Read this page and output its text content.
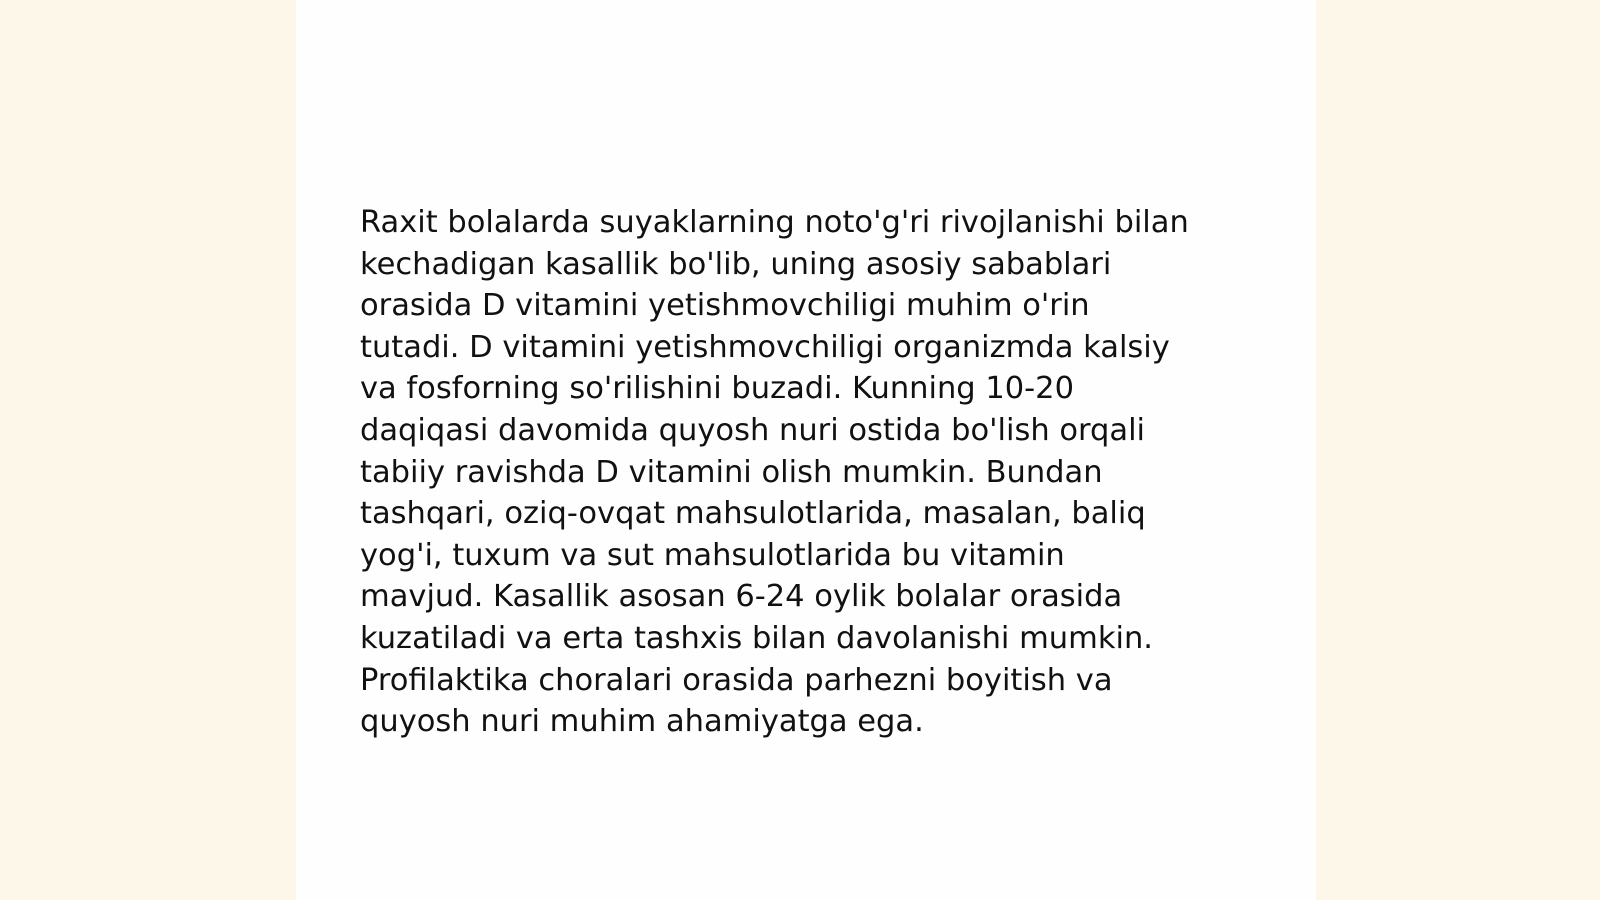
Raxit bolalarda suyaklarning noto'g'ri rivojlanishi bilan
kechadigan kasallik bo'lib, uning asosiy sabablari
orasida D vitamini yetishmovchiligi muhim o'rin
tutadi. D vitamini yetishmovchiligi organizmda kalsiy
va fosforning so'rilishini buzadi. Kunning 10-20
daqiqasi davomida quyosh nuri ostida bo'lish orqali
tabiiy ravishda D vitamini olish mumkin. Bundan
tashqari, oziq-ovqat mahsulotlarida, masalan, baliq
yog'i, tuxum va sut mahsulotlarida bu vitamin
mavjud. Kasallik asosan 6-24 oylik bolalar orasida
kuzatiladi va erta tashxis bilan davolanishi mumkin.
Profilaktika choralari orasida parhezni boyitish va
quyosh nuri muhim ahamiyatga ega.
